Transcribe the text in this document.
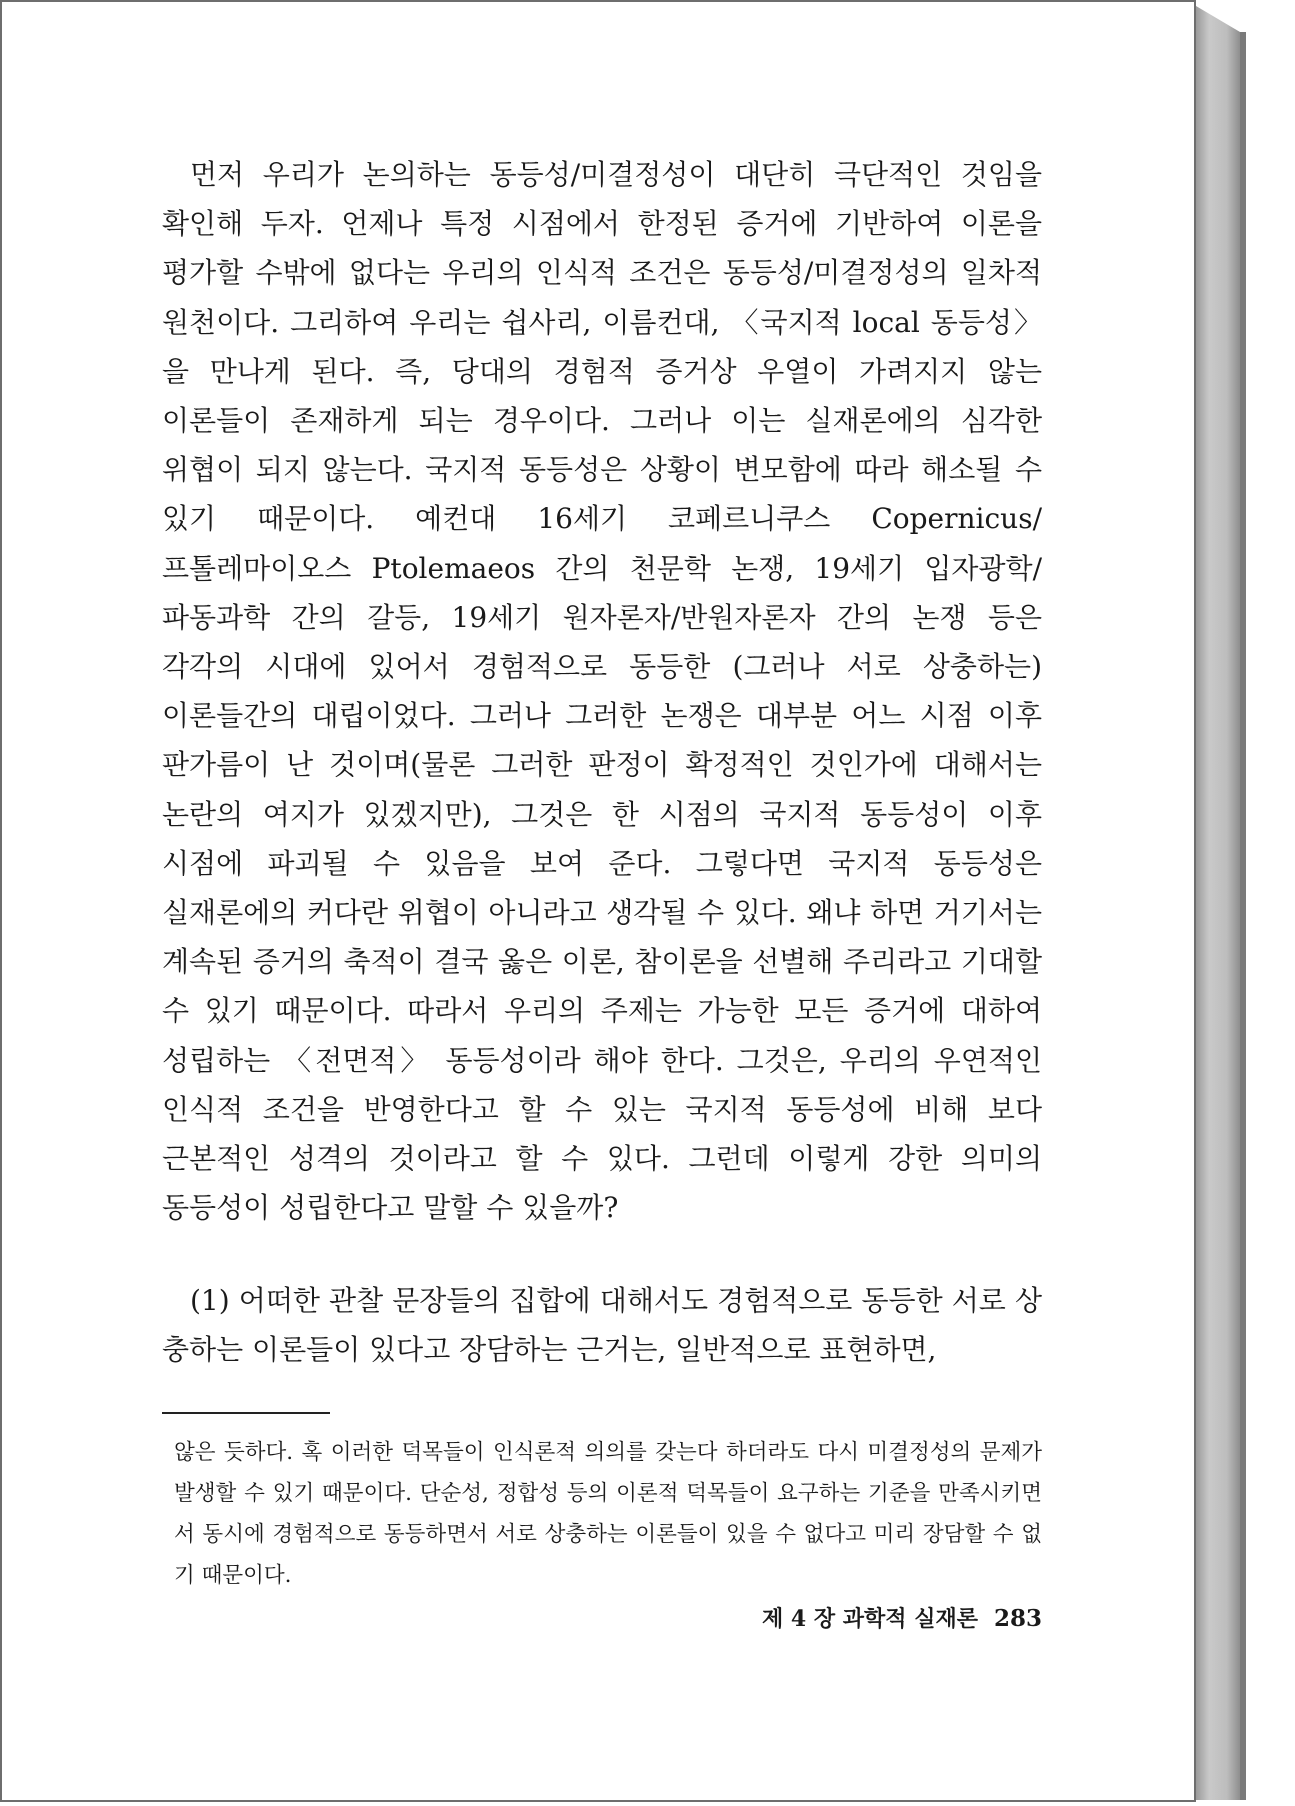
먼저 우리가 논의하는 동등성/미결정성이 대단히 극단적인 것임을 확인해 두자. 언제나 특정 시점에서 한정된 증거에 기반하여 이론을 평가할 수밖에 없다는 우리의 인식적 조건은 동등성/미결정성의 일차적 원천이다. 그리하여 우리는 쉽사리, 이름컨대, 〈국지적 local 동등성〉을 만나게 된다. 즉, 당대의 경험적 증거상 우열이 가려지지 않는 이론들이 존재하게 되는 경우이다. 그러나 이는 실재론에의 심각한 위협이 되지 않는다. 국지적 동등성은 상황이 변모함에 따라 해소될 수 있기 때문이다. 예컨대 16세기 코페르니쿠스 Copernicus/프톨레마이오스 Ptolemaeos 간의 천문학 논쟁, 19세기 입자광학/파동과학 간의 갈등, 19세기 원자론자/반원자론자 간의 논쟁 등은 각각의 시대에 있어서 경험적으로 동등한 (그러나 서로 상충하는) 이론들간의 대립이었다. 그러나 그러한 논쟁은 대부분 어느 시점 이후 판가름이 난 것이며(물론 그러한 판정이 확정적인 것인가에 대해서는 논란의 여지가 있겠지만), 그것은 한 시점의 국지적 동등성이 이후 시점에 파괴될 수 있음을 보여 준다. 그렇다면 국지적 동등성은 실재론에의 커다란 위협이 아니라고 생각될 수 있다. 왜냐 하면 거기서는 계속된 증거의 축적이 결국 옳은 이론, 참이론을 선별해 주리라고 기대할 수 있기 때문이다. 따라서 우리의 주제는 가능한 모든 증거에 대하여 성립하는 〈전면적〉 동등성이라 해야 한다. 그것은, 우리의 우연적인 인식적 조건을 반영한다고 할 수 있는 국지적 동등성에 비해 보다 근본적인 성격의 것이라고 할 수 있다. 그런데 이렇게 강한 의미의 동등성이 성립한다고 말할 수 있을까?

(1) 어떠한 관찰 문장들의 집합에 대해서도 경험적으로 동등한 서로 상충하는 이론들이 있다고 장담하는 근거는, 일반적으로 표현하면,

않은 듯하다. 혹 이러한 덕목들이 인식론적 의의를 갖는다 하더라도 다시 미결정성의 문제가 발생할 수 있기 때문이다. 단순성, 정합성 등의 이론적 덕목들이 요구하는 기준을 만족시키면서 동시에 경험적으로 동등하면서 서로 상충하는 이론들이 있을 수 없다고 미리 장담할 수 없기 때문이다.

제 4 장 과학적 실재론 283
